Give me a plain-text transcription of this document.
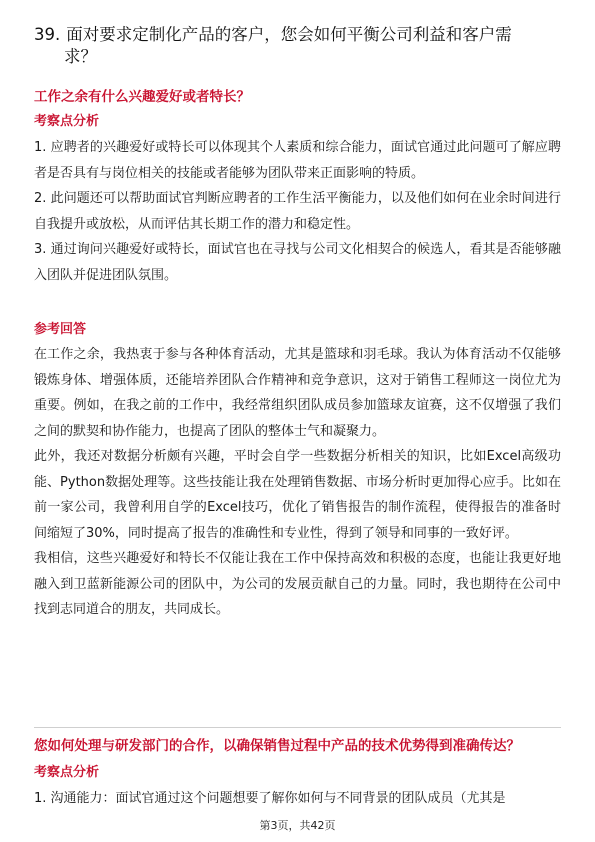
39. 面对要求定制化产品的客户，您会如何平衡公司利益和客户需
求？
工作之余有什么兴趣爱好或者特长？
考察点分析

1. 应聘者的兴趣爱好或特长可以体现其个人素质和综合能力，面试官通过此问题可了解应聘者是否具有与岗位相关的技能或者能够为团队带来正面影响的特质。

2. 此问题还可以帮助面试官判断应聘者的工作生活平衡能力，以及他们如何在业余时间进行自我提升或放松，从而评估其长期工作的潜力和稳定性。

3. 通过询问兴趣爱好或特长，面试官也在寻找与公司文化相契合的候选人，看其是否能够融入团队并促进团队氛围。

参考回答

在工作之余，我热衷于参与各种体育活动，尤其是篮球和羽毛球。我认为体育活动不仅能够锻炼身体、增强体质，还能培养团队合作精神和竞争意识，这对于销售工程师这一岗位尤为重要。例如，在我之前的工作中，我经常组织团队成员参加篮球友谊赛，这不仅增强了我们之间的默契和协作能力，也提高了团队的整体士气和凝聚力。

此外，我还对数据分析颇有兴趣，平时会自学一些数据分析相关的知识，比如Excel高级功能、Python数据处理等。这些技能让我在处理销售数据、市场分析时更加得心应手。比如在前一家公司，我曾利用自学的Excel技巧，优化了销售报告的制作流程，使得报告的准备时间缩短了30%，同时提高了报告的准确性和专业性，得到了领导和同事的一致好评。

我相信，这些兴趣爱好和特长不仅能让我在工作中保持高效和积极的态度，也能让我更好地融入到卫蓝新能源公司的团队中，为公司的发展贡献自己的力量。同时，我也期待在公司中找到志同道合的朋友，共同成长。

您如何处理与研发部门的合作，以确保销售过程中产品的技术优势得到准确传达？
考察点分析

1. 沟通能力：面试官通过这个问题想要了解你如何与不同背景的团队成员（尤其是

第3页，共42页
